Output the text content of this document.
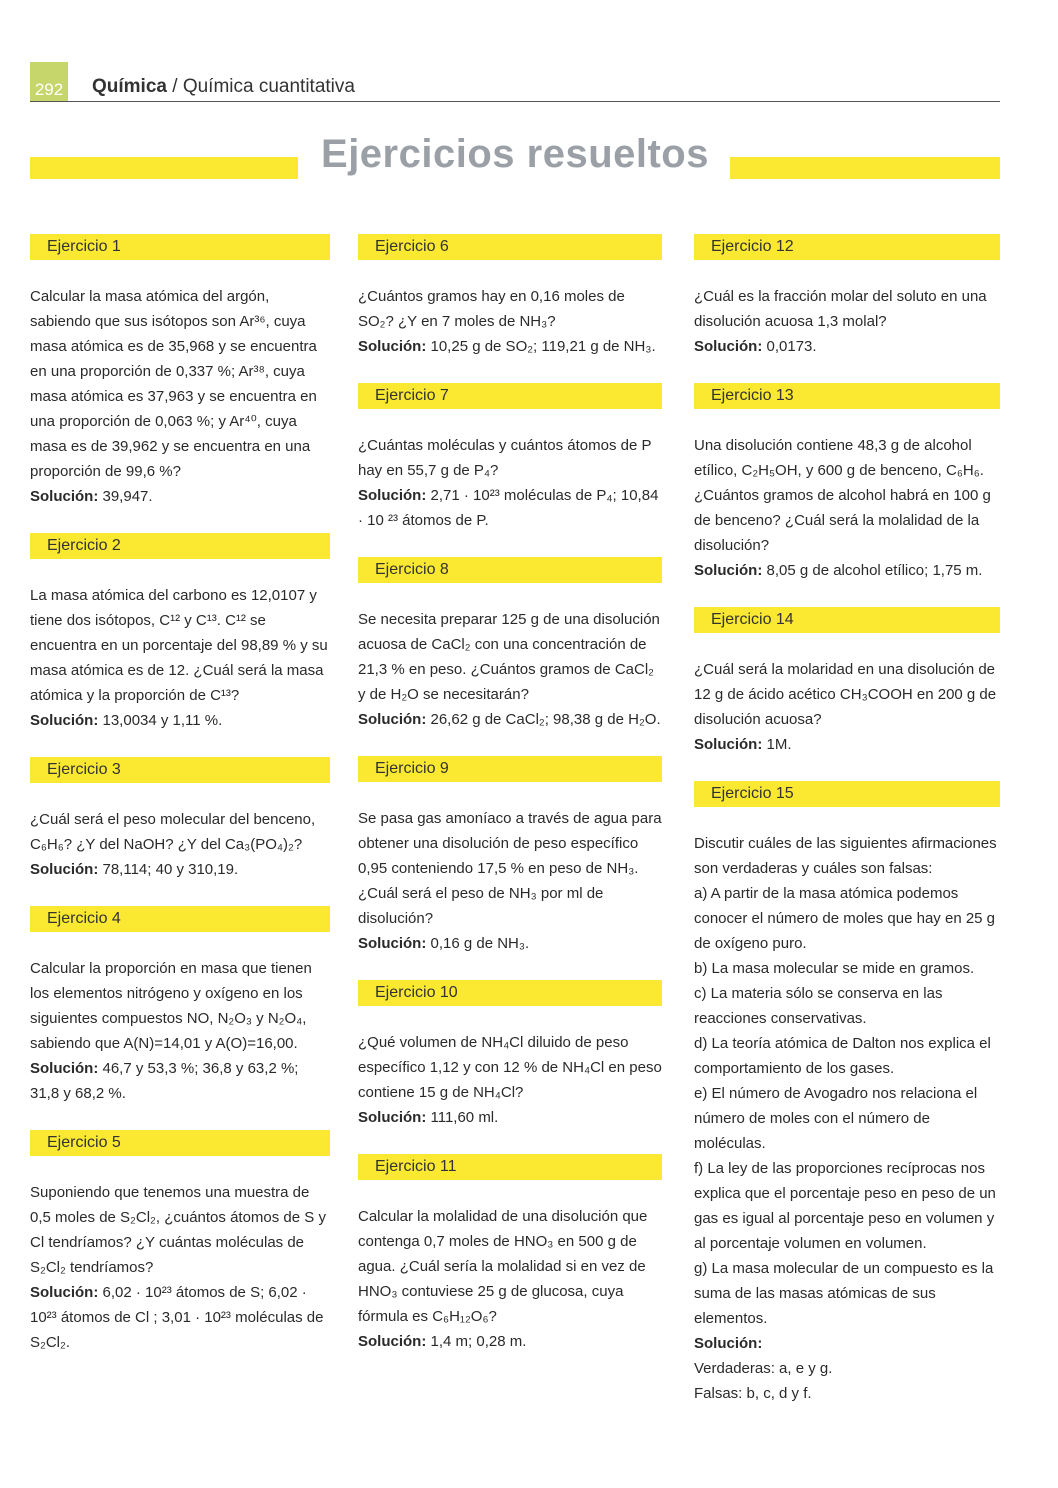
292 Química / Química cuantitativa
Ejercicios resueltos
Ejercicio 1

Calcular la masa atómica del argón, sabiendo que sus isótopos son Ar³⁶, cuya masa atómica es de 35,968 y se encuentra en una proporción de 0,337 %; Ar³⁸, cuya masa atómica es 37,963 y se encuentra en una proporción de 0,063 %; y Ar⁴⁰, cuya masa es de 39,962 y se encuentra en una proporción de 99,6 %?

Solución: 39,947.

Ejercicio 2

La masa atómica del carbono es 12,0107 y tiene dos isótopos, C¹² y C¹³. C¹² se encuentra en un porcentaje del 98,89 % y su masa atómica es de 12. ¿Cuál será la masa atómica y la proporción de C¹³?

Solución: 13,0034 y 1,11 %.

Ejercicio 3

¿Cuál será el peso molecular del benceno, C₆H₆? ¿Y del NaOH? ¿Y del Ca₃(PO₄)₂?

Solución: 78,114; 40 y 310,19.

Ejercicio 4

Calcular la proporción en masa que tienen los elementos nitrógeno y oxígeno en los siguientes compuestos NO, N₂O₃ y N₂O₄, sabiendo que A(N)=14,01 y A(O)=16,00.

Solución: 46,7 y 53,3 %; 36,8 y 63,2 %; 31,8 y 68,2 %.

Ejercicio 5

Suponiendo que tenemos una muestra de 0,5 moles de S₂Cl₂, ¿cuántos átomos de S y Cl tendríamos? ¿Y cuántas moléculas de S₂Cl₂ tendríamos?

Solución: 6,02 · 10²³ átomos de S; 6,02 · 10²³ átomos de Cl ; 3,01 · 10²³ moléculas de S₂Cl₂.

Ejercicio 6

¿Cuántos gramos hay en 0,16 moles de SO₂? ¿Y en 7 moles de NH₃?

Solución: 10,25 g de SO₂; 119,21 g de NH₃.

Ejercicio 7

¿Cuántas moléculas y cuántos átomos de P hay en 55,7 g de P₄?

Solución: 2,71 · 10²³ moléculas de P₄; 10,84 · 10 ²³ átomos de P.

Ejercicio 8

Se necesita preparar 125 g de una disolución acuosa de CaCl₂ con una concentración de 21,3 % en peso. ¿Cuántos gramos de CaCl₂ y de H₂O se necesitarán?

Solución: 26,62 g de CaCl₂; 98,38 g de H₂O.

Ejercicio 9

Se pasa gas amoníaco a través de agua para obtener una disolución de peso específico 0,95 conteniendo 17,5 % en peso de NH₃. ¿Cuál será el peso de NH₃ por ml de disolución?

Solución: 0,16 g de NH₃.

Ejercicio 10

¿Qué volumen de NH₄Cl diluido de peso específico 1,12 y con 12 % de NH₄Cl en peso contiene 15 g de NH₄Cl?

Solución: 111,60 ml.

Ejercicio 11

Calcular la molalidad de una disolución que contenga 0,7 moles de HNO₃ en 500 g de agua. ¿Cuál sería la molalidad si en vez de HNO₃ contuviese 25 g de glucosa, cuya fórmula es C₆H₁₂O₆?

Solución: 1,4 m; 0,28 m.

Ejercicio 12

¿Cuál es la fracción molar del soluto en una disolución acuosa 1,3 molal?

Solución: 0,0173.

Ejercicio 13

Una disolución contiene 48,3 g de alcohol etílico, C₂H₅OH, y 600 g de benceno, C₆H₆. ¿Cuántos gramos de alcohol habrá en 100 g de benceno? ¿Cuál será la molalidad de la disolución?

Solución: 8,05 g de alcohol etílico; 1,75 m.

Ejercicio 14

¿Cuál será la molaridad en una disolución de 12 g de ácido acético CH₃COOH en 200 g de disolución acuosa?

Solución: 1M.

Ejercicio 15

Discutir cuáles de las siguientes afirmaciones son verdaderas y cuáles son falsas:

a) A partir de la masa atómica podemos conocer el número de moles que hay en 25 g de oxígeno puro.

b) La masa molecular se mide en gramos.

c) La materia sólo se conserva en las reacciones conservativas.

d) La teoría atómica de Dalton nos explica el comportamiento de los gases.

e) El número de Avogadro nos relaciona el número de moles con el número de moléculas.

f) La ley de las proporciones recíprocas nos explica que el porcentaje peso en peso de un gas es igual al porcentaje peso en volumen y al porcentaje volumen en volumen.

g) La masa molecular de un compuesto es la suma de las masas atómicas de sus elementos.

Solución:

Verdaderas: a, e y g.

Falsas: b, c, d y f.
